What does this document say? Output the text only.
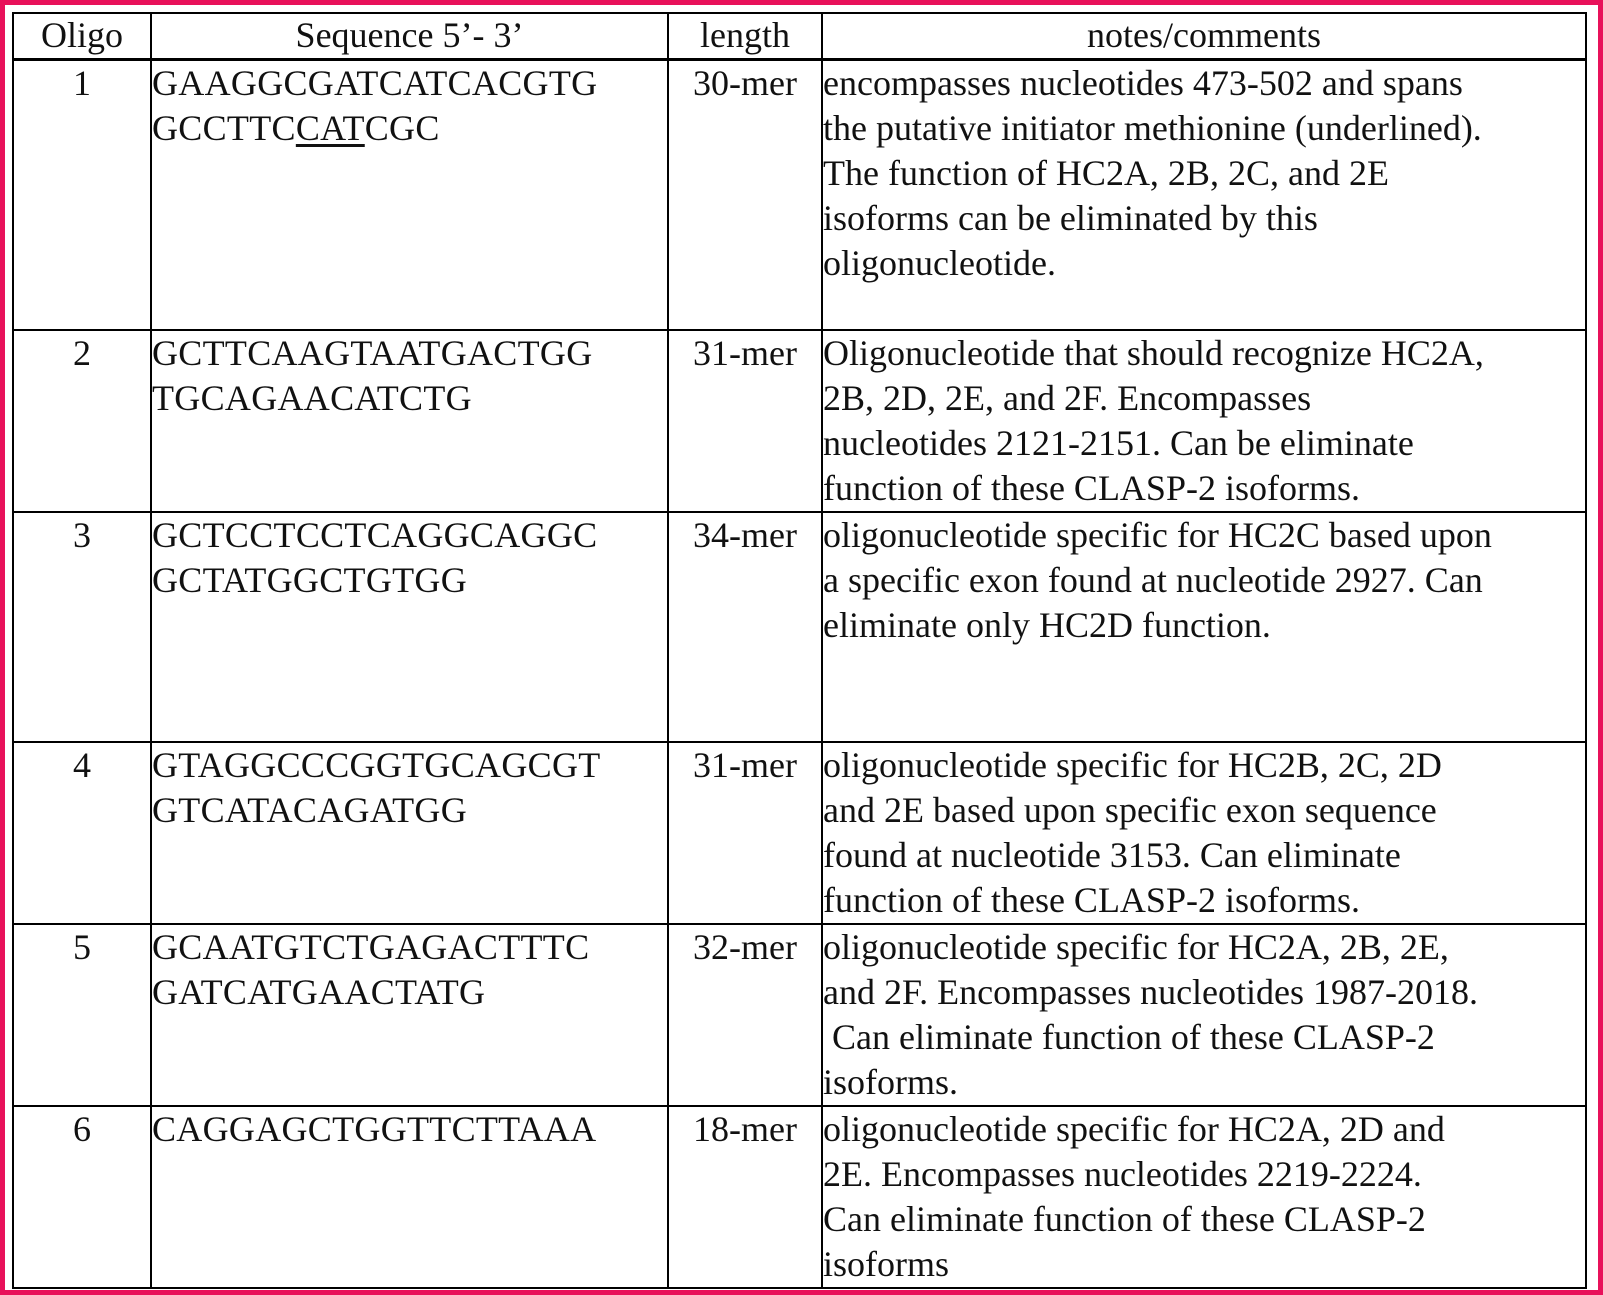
Oligo	Sequence 5’- 3’	length	notes/comments
1	GAAGGCGATCATCACGTG
GCCTTCCATCGC	30-mer	encompasses nucleotides 473-502 and spans
the putative initiator methionine (underlined).
The function of HC2A, 2B, 2C, and 2E
isoforms can be eliminated by this
oligonucleotide.

2	GCTTCAAGTAATGACTGG
TGCAGAACATCTG	31-mer	Oligonucleotide that should recognize HC2A,
2B, 2D, 2E, and 2F. Encompasses
nucleotides 2121-2151. Can be eliminate
function of these CLASP-2 isoforms.

3	GCTCCTCCTCAGGCAGGC
GCTATGGCTGTGG	34-mer	oligonucleotide specific for HC2C based upon
a specific exon found at nucleotide 2927. Can
eliminate only HC2D function.

4	GTAGGCCCGGTGCAGCGT
GTCATACAGATGG	31-mer	oligonucleotide specific for HC2B, 2C, 2D
and 2E based upon specific exon sequence
found at nucleotide 3153. Can eliminate
function of these CLASP-2 isoforms.

5	GCAATGTCTGAGACTTTC
GATCATGAACTATG	32-mer	oligonucleotide specific for HC2A, 2B, 2E,
and 2F. Encompasses nucleotides 1987-2018.
Can eliminate function of these CLASP-2
isoforms.

6	CAGGAGCTGGTTCTTAAA	18-mer	oligonucleotide specific for HC2A, 2D and
2E. Encompasses nucleotides 2219-2224.
Can eliminate function of these CLASP-2
isoforms
